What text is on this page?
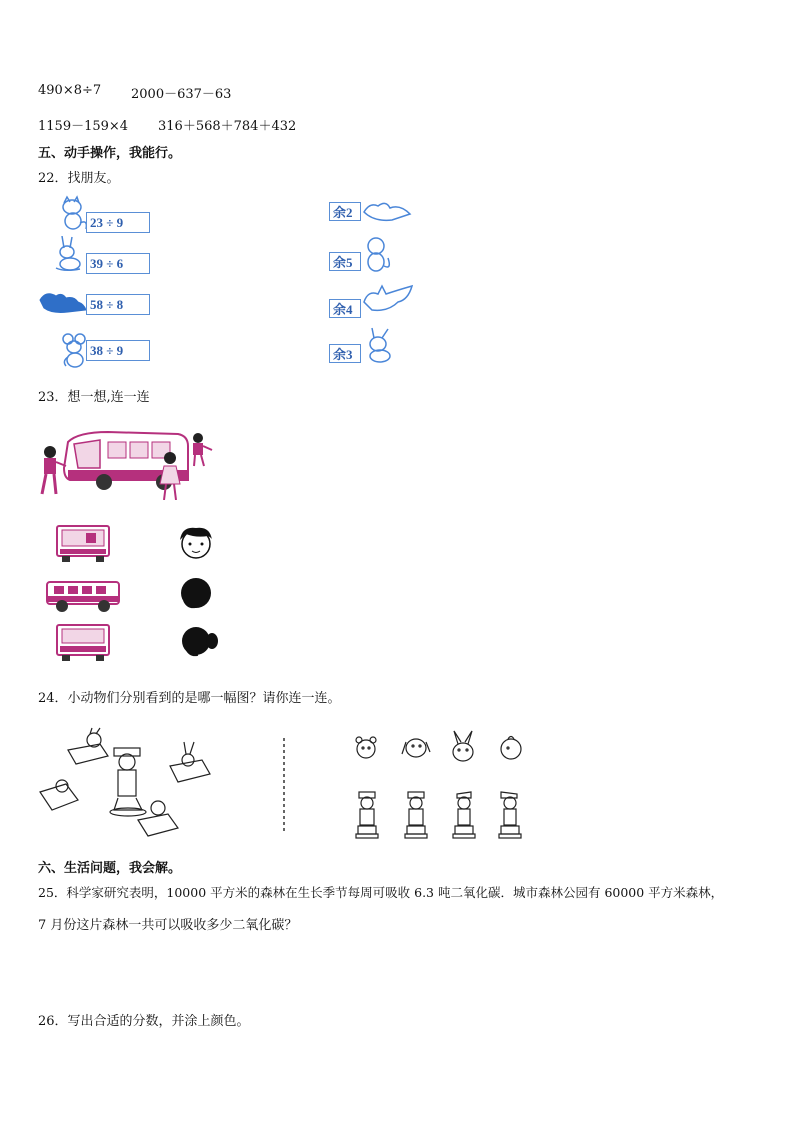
490×8÷7 2000－637－63
1159－159×4 316＋568＋784＋432
五、动手操作，我能行。
22．找朋友。
23 ÷ 9
39 ÷ 6
58 ÷ 8
38 ÷ 9
余2
余5
余4
余3
23．想一想,连一连
24．小动物们分别看到的是哪一幅图？请你连一连。
六、生活问题，我会解。
25．科学家研究表明，10000 平方米的森林在生长季节每周可吸收 6.3 吨二氧化碳．城市森林公园有 60000 平方米森林，
7 月份这片森林一共可以吸收多少二氧化碳？
26．写出合适的分数，并涂上颜色。
